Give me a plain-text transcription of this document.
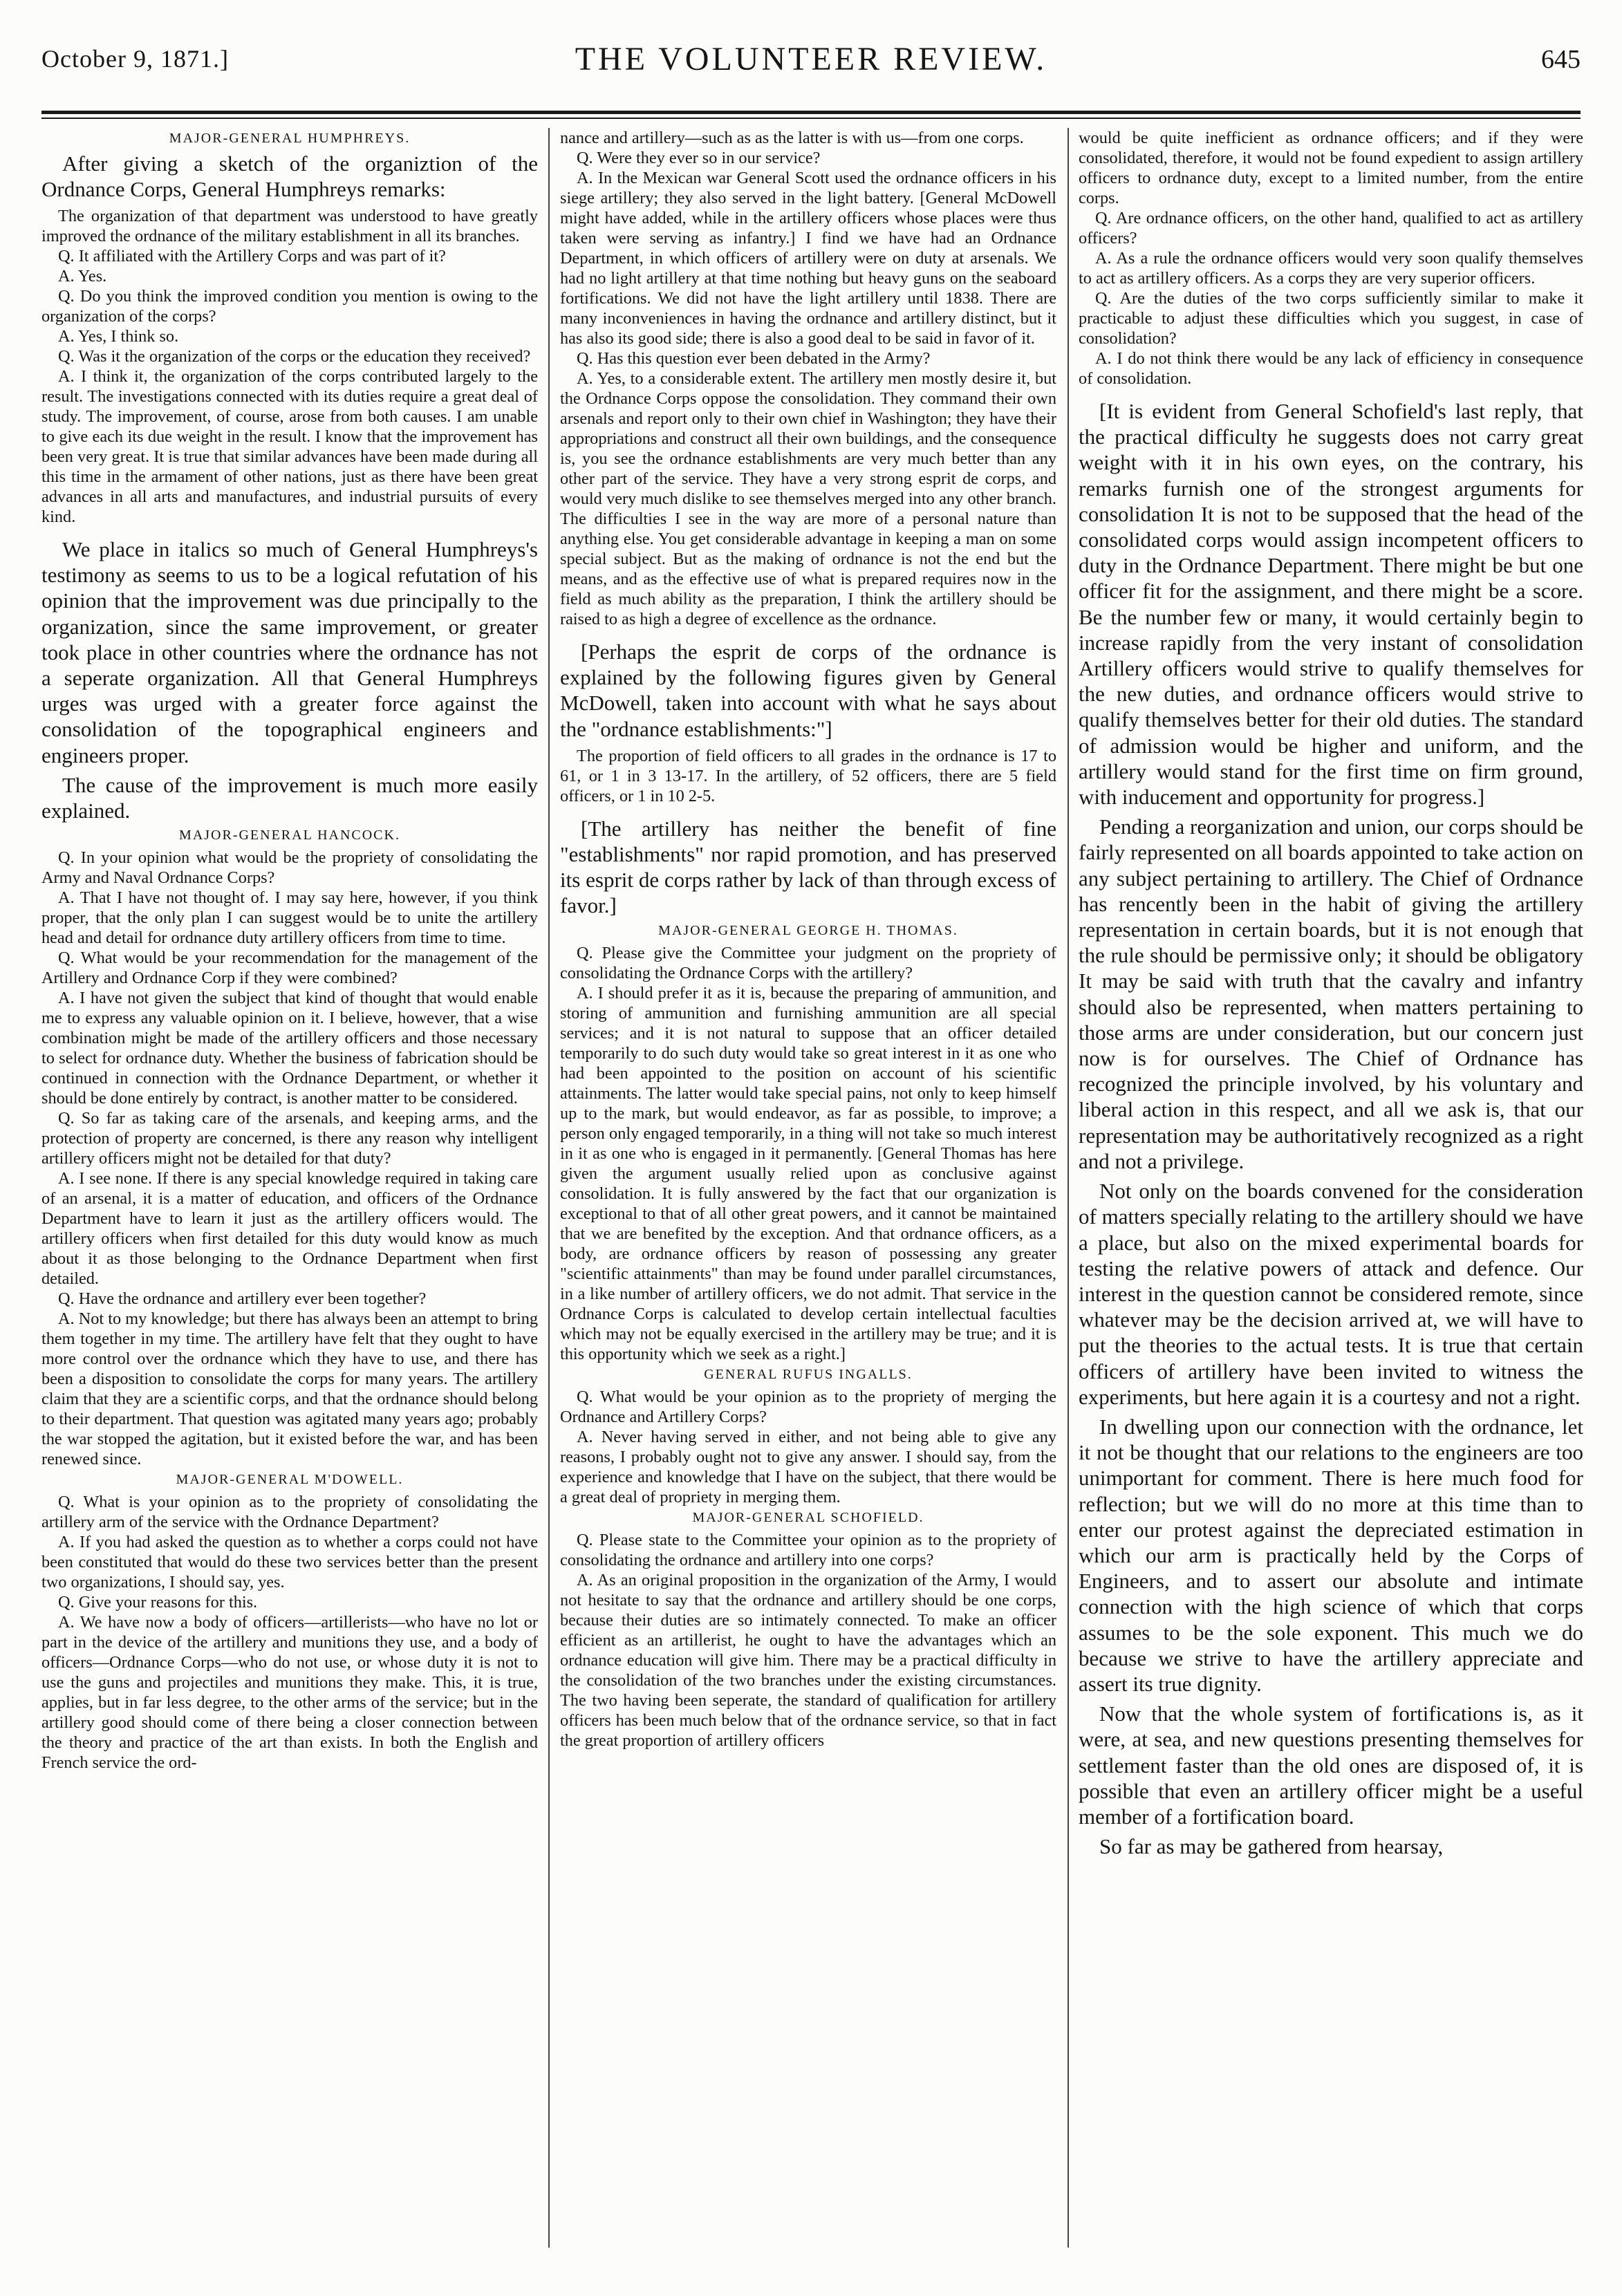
October 9, 1871.]	THE VOLUNTEER REVIEW.	645
MAJOR-GENERAL HUMPHREYS.

After giving a sketch of the organiztion of the Ordnance Corps, General Humphreys remarks:

The organization of that department was understood to have greatly improved the ordnance of the military establishment in all its branches.

Q. It affiliated with the Artillery Corps and was part of it?

A. Yes.

Q. Do you think the improved condition you mention is owing to the organization of the corps?

A. Yes, I think so.

Q. Was it the organization of the corps or the education they received?

A. I think it, the organization of the corps contributed largely to the result. The investigations connected with its duties require a great deal of study. The improvement, of course, arose from both causes. I am unable to give each its due weight in the result. I know that the improvement has been very great. It is true that similar advances have been made during all this time in the armament of other nations, just as there have been great advances in all arts and manufactures, and industrial pursuits of every kind.

We place in italics so much of General Humphreys's testimony as seems to us to be a logical refutation of his opinion that the improvement was due principally to the organization, since the same improvement, or greater took place in other countries where the ordnance has not a seperate organization. All that General Humphreys urges was urged with a greater force against the consolidation of the topographical engineers and engineers proper.

The cause of the improvement is much more easily explained.

MAJOR-GENERAL HANCOCK.

Q. In your opinion what would be the propriety of consolidating the Army and Naval Ordnance Corps?

A. That I have not thought of. I may say here, however, if you think proper, that the only plan I can suggest would be to unite the artillery head and detail for ordnance duty artillery officers from time to time.

Q. What would be your recommendation for the management of the Artillery and Ordnance Corp if they were combined?

A. I have not given the subject that kind of thought that would enable me to express any valuable opinion on it. I believe, however, that a wise combination might be made of the artillery officers and those necessary to select for ordnance duty. Whether the business of fabrication should be continued in connection with the Ordnance Department, or whether it should be done entirely by contract, is another matter to be considered.

Q. So far as taking care of the arsenals, and keeping arms, and the protection of property are concerned, is there any reason why intelligent artillery officers might not be detailed for that duty?

A. I see none. If there is any special knowledge required in taking care of an arsenal, it is a matter of education, and officers of the Ordnance Department have to learn it just as the artillery officers would. The artillery officers when first detailed for this duty would know as much about it as those belonging to the Ordnance Department when first detailed.

Q. Have the ordnance and artillery ever been together?

A. Not to my knowledge; but there has always been an attempt to bring them together in my time. The artillery have felt that they ought to have more control over the ordnance which they have to use, and there has been a disposition to consolidate the corps for many years. The artillery claim that they are a scientific corps, and that the ordnance should belong to their department. That question was agitated many years ago; probably the war stopped the agitation, but it existed before the war, and has been renewed since.

MAJOR-GENERAL M'DOWELL.

Q. What is your opinion as to the propriety of consolidating the artillery arm of the service with the Ordnance Department?

A. If you had asked the question as to whether a corps could not have been constituted that would do these two services better than the present two organizations, I should say, yes.

Q. Give your reasons for this.

A. We have now a body of officers—artillerists—who have no lot or part in the device of the artillery and munitions they use, and a body of officers—Ordnance Corps—who do not use, or whose duty it is not to use the guns and projectiles and munitions they make. This, it is true, applies, but in far less degree, to the other arms of the service; but in the artillery good should come of there being a closer connection between the theory and practice of the art than exists. In both the English and French service the ord-

nance and artillery—such as as the latter is with us—from one corps.

Q. Were they ever so in our service?

A. In the Mexican war General Scott used the ordnance officers in his siege artillery; they also served in the light battery. [General McDowell might have added, while in the artillery officers whose places were thus taken were serving as infantry.] I find we have had an Ordnance Department, in which officers of artillery were on duty at arsenals. We had no light artillery at that time nothing but heavy guns on the seaboard fortifications. We did not have the light artillery until 1838. There are many inconveniences in having the ordnance and artillery distinct, but it has also its good side; there is also a good deal to be said in favor of it.

Q. Has this question ever been debated in the Army?

A. Yes, to a considerable extent. The artillery men mostly desire it, but the Ordnance Corps oppose the consolidation. They command their own arsenals and report only to their own chief in Washington; they have their appropriations and construct all their own buildings, and the consequence is, you see the ordnance establishments are very much better than any other part of the service. They have a very strong esprit de corps, and would very much dislike to see themselves merged into any other branch. The difficulties I see in the way are more of a personal nature than anything else. You get considerable advantage in keeping a man on some special subject. But as the making of ordnance is not the end but the means, and as the effective use of what is prepared requires now in the field as much ability as the preparation, I think the artillery should be raised to as high a degree of excellence as the ordnance.

[Perhaps the esprit de corps of the ordnance is explained by the following figures given by General McDowell, taken into account with what he says about the "ordnance establishments:"]

The proportion of field officers to all grades in the ordnance is 17 to 61, or 1 in 3 13-17. In the artillery, of 52 officers, there are 5 field officers, or 1 in 10 2-5.

[The artillery has neither the benefit of fine "establishments" nor rapid promotion, and has preserved its esprit de corps rather by lack of than through excess of favor.]

MAJOR-GENERAL GEORGE H. THOMAS.

Q. Please give the Committee your judgment on the propriety of consolidating the Ordnance Corps with the artillery?

A. I should prefer it as it is, because the preparing of ammunition, and storing of ammunition and furnishing ammunition are all special services; and it is not natural to suppose that an officer detailed temporarily to do such duty would take so great interest in it as one who had been appointed to the position on account of his scientific attainments. The latter would take special pains, not only to keep himself up to the mark, but would endeavor, as far as possible, to improve; a person only engaged temporarily, in a thing will not take so much interest in it as one who is engaged in it permanently. [General Thomas has here given the argument usually relied upon as conclusive against consolidation. It is fully answered by the fact that our organization is exceptional to that of all other great powers, and it cannot be maintained that we are benefited by the exception. And that ordnance officers, as a body, are ordnance officers by reason of possessing any greater "scientific attainments" than may be found under parallel circumstances, in a like number of artillery officers, we do not admit. That service in the Ordnance Corps is calculated to develop certain intellectual faculties which may not be equally exercised in the artillery may be true; and it is this opportunity which we seek as a right.]

GENERAL RUFUS INGALLS.

Q. What would be your opinion as to the propriety of merging the Ordnance and Artillery Corps?

A. Never having served in either, and not being able to give any reasons, I probably ought not to give any answer. I should say, from the experience and knowledge that I have on the subject, that there would be a great deal of propriety in merging them.

MAJOR-GENERAL SCHOFIELD.

Q. Please state to the Committee your opinion as to the propriety of consolidating the ordnance and artillery into one corps?

A. As an original proposition in the organization of the Army, I would not hesitate to say that the ordnance and artillery should be one corps, because their duties are so intimately connected. To make an officer efficient as an artillerist, he ought to have the advantages which an ordnance education will give him. There may be a practical difficulty in the consolidation of the two branches under the existing circumstances. The two having been seperate, the standard of qualification for artillery officers has been much below that of the ordnance service, so that in fact the great proportion of artillery officers

would be quite inefficient as ordnance officers; and if they were consolidated, therefore, it would not be found expedient to assign artillery officers to ordnance duty, except to a limited number, from the entire corps.

Q. Are ordnance officers, on the other hand, qualified to act as artillery officers?

A. As a rule the ordnance officers would very soon qualify themselves to act as artillery officers. As a corps they are very superior officers.

Q. Are the duties of the two corps sufficiently similar to make it practicable to adjust these difficulties which you suggest, in case of consolidation?

A. I do not think there would be any lack of efficiency in consequence of consolidation.

[It is evident from General Schofield's last reply, that the practical difficulty he suggests does not carry great weight with it in his own eyes, on the contrary, his remarks furnish one of the strongest arguments for consolidation It is not to be supposed that the head of the consolidated corps would assign incompetent officers to duty in the Ordnance Department. There might be but one officer fit for the assignment, and there might be a score. Be the number few or many, it would certainly begin to increase rapidly from the very instant of consolidation Artillery officers would strive to qualify themselves for the new duties, and ordnance officers would strive to qualify themselves better for their old duties. The standard of admission would be higher and uniform, and the artillery would stand for the first time on firm ground, with inducement and opportunity for progress.]

Pending a reorganization and union, our corps should be fairly represented on all boards appointed to take action on any subject pertaining to artillery. The Chief of Ordnance has rencently been in the habit of giving the artillery representation in certain boards, but it is not enough that the rule should be permissive only; it should be obligatory It may be said with truth that the cavalry and infantry should also be represented, when matters pertaining to those arms are under consideration, but our concern just now is for ourselves. The Chief of Ordnance has recognized the principle involved, by his voluntary and liberal action in this respect, and all we ask is, that our representation may be authoritatively recognized as a right and not a privilege.

Not only on the boards convened for the consideration of matters specially relating to the artillery should we have a place, but also on the mixed experimental boards for testing the relative powers of attack and defence. Our interest in the question cannot be considered remote, since whatever may be the decision arrived at, we will have to put the theories to the actual tests. It is true that certain officers of artillery have been invited to witness the experiments, but here again it is a courtesy and not a right.

In dwelling upon our connection with the ordnance, let it not be thought that our relations to the engineers are too unimportant for comment. There is here much food for reflection; but we will do no more at this time than to enter our protest against the depreciated estimation in which our arm is practically held by the Corps of Engineers, and to assert our absolute and intimate connection with the high science of which that corps assumes to be the sole exponent. This much we do because we strive to have the artillery appreciate and assert its true dignity.

Now that the whole system of fortifications is, as it were, at sea, and new questions presenting themselves for settlement faster than the old ones are disposed of, it is possible that even an artillery officer might be a useful member of a fortification board.

So far as may be gathered from hearsay,
